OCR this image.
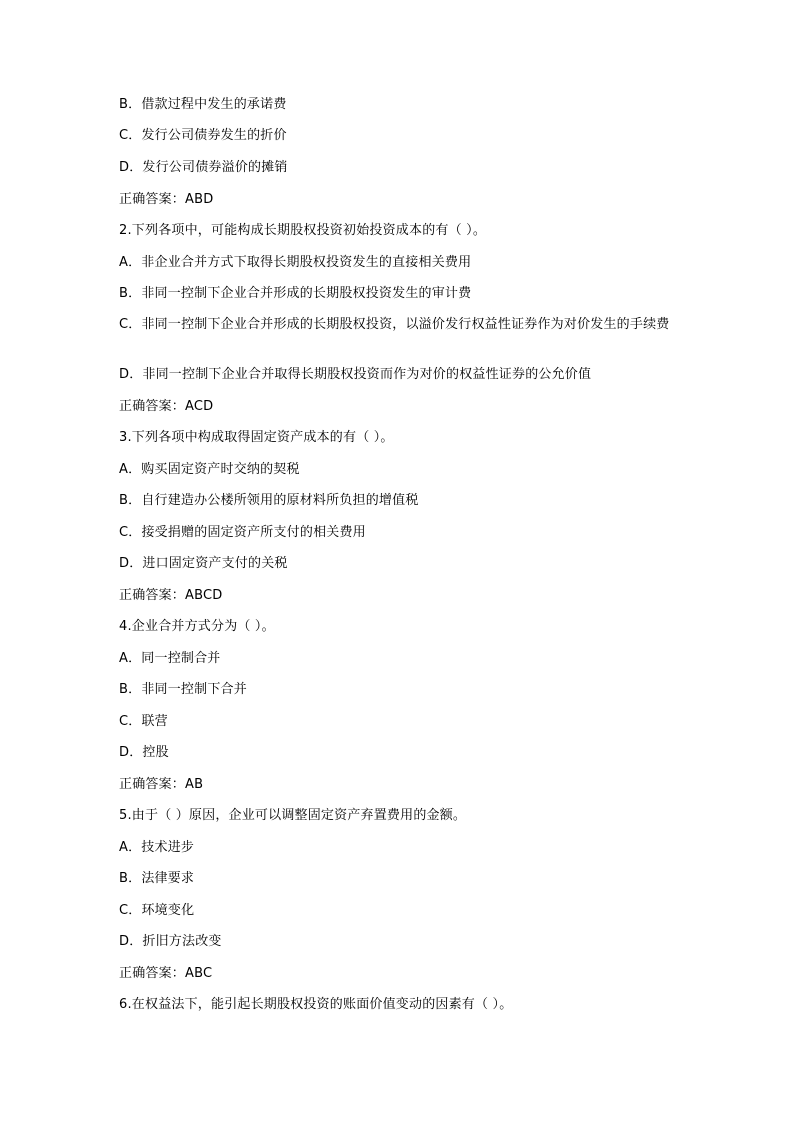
B．借款过程中发生的承诺费
C．发行公司债券发生的折价
D．发行公司债券溢价的摊销
正确答案：ABD
2.下列各项中，可能构成长期股权投资初始投资成本的有（ ）。
A．非企业合并方式下取得长期股权投资发生的直接相关费用
B．非同一控制下企业合并形成的长期股权投资发生的审计费
C．非同一控制下企业合并形成的长期股权投资，以溢价发行权益性证券作为对价发生的手续费
D．非同一控制下企业合并取得长期股权投资而作为对价的权益性证券的公允价值
正确答案：ACD
3.下列各项中构成取得固定资产成本的有（ ）。
A．购买固定资产时交纳的契税
B．自行建造办公楼所领用的原材料所负担的增值税
C．接受捐赠的固定资产所支付的相关费用
D．进口固定资产支付的关税
正确答案：ABCD
4.企业合并方式分为（ ）。
A．同一控制合并
B．非同一控制下合并
C．联营
D．控股
正确答案：AB
5.由于（ ）原因，企业可以调整固定资产弃置费用的金额。
A．技术进步
B．法律要求
C．环境变化
D．折旧方法改变
正确答案：ABC
6.在权益法下，能引起长期股权投资的账面价值变动的因素有（ ）。
